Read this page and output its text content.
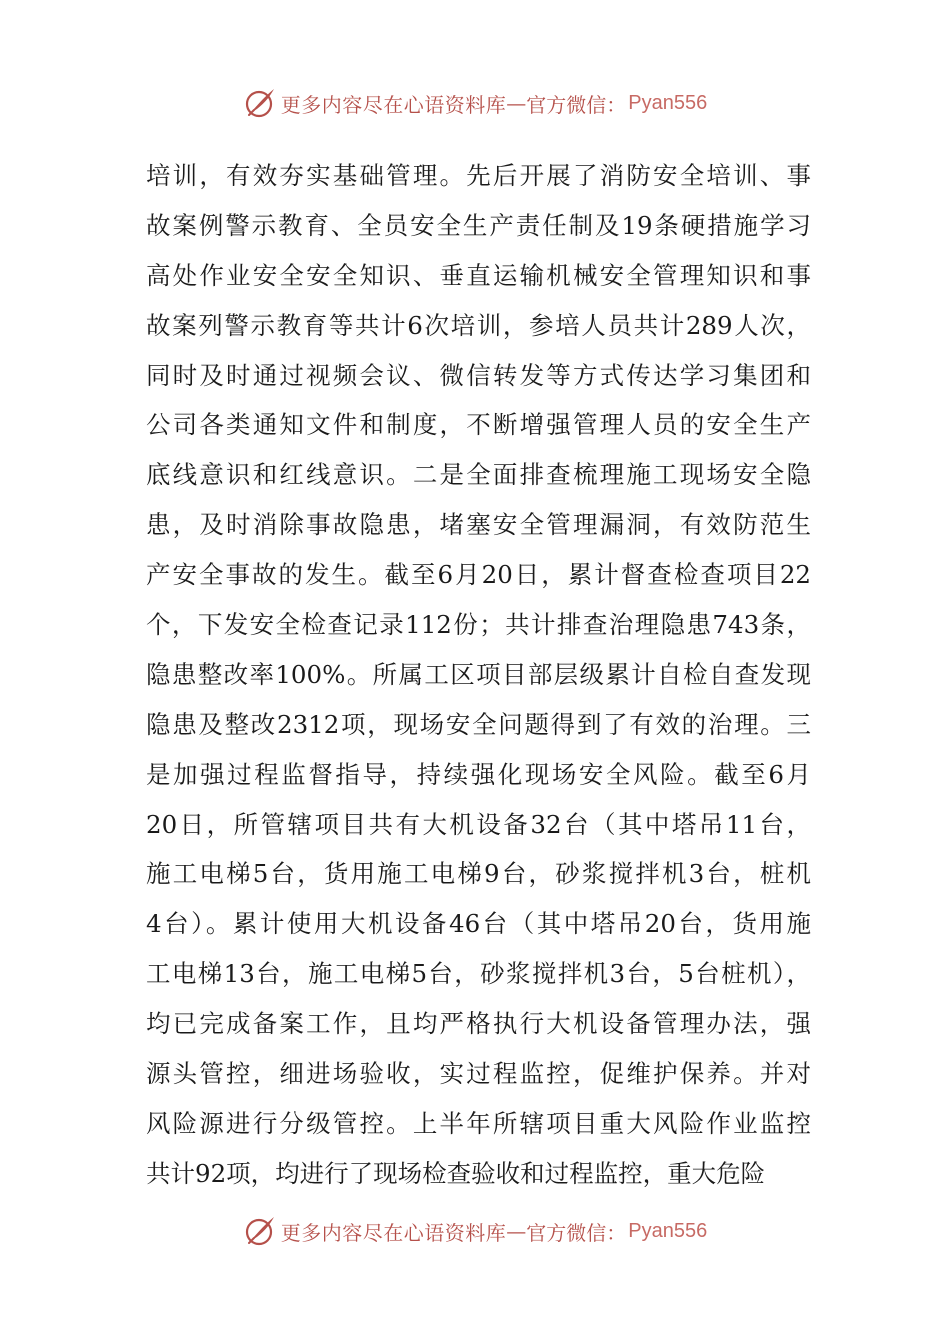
更多内容尽在心语资料库 — 官方微信： Pyan556
培训，有效夯实基础管理。先后开展了消防安全培训、事
故案例警示教育、全员安全生产责任制及19条硬措施学习
高处作业安全安全知识、垂直运输机械安全管理知识和事
故案列警示教育等共计6次培训，参培人员共计289人次，
同时及时通过视频会议、微信转发等方式传达学习集团和
公司各类通知文件和制度，不断增强管理人员的安全生产
底线意识和红线意识。二是全面排查梳理施工现场安全隐
患，及时消除事故隐患，堵塞安全管理漏洞，有效防范生
产安全事故的发生。截至6月20日，累计督查检查项目22
个，下发安全检查记录112份；共计排查治理隐患743条，
隐患整改率100%。所属工区项目部层级累计自检自查发现
隐患及整改2312项，现场安全问题得到了有效的治理。三
是加强过程监督指导，持续强化现场安全风险。截至6月
20日，所管辖项目共有大机设备32台（其中塔吊11台，
施工电梯5台，货用施工电梯9台，砂浆搅拌机3台，桩机
4台）。累计使用大机设备46台（其中塔吊20台，货用施
工电梯13台，施工电梯5台，砂浆搅拌机3台，5台桩机），
均已完成备案工作，且均严格执行大机设备管理办法，强
源头管控，细进场验收，实过程监控，促维护保养。并对
风险源进行分级管控。上半年所辖项目重大风险作业监控
共计92项，均进行了现场检查验收和过程监控，重大危险
更多内容尽在心语资料库 — 官方微信： Pyan556
